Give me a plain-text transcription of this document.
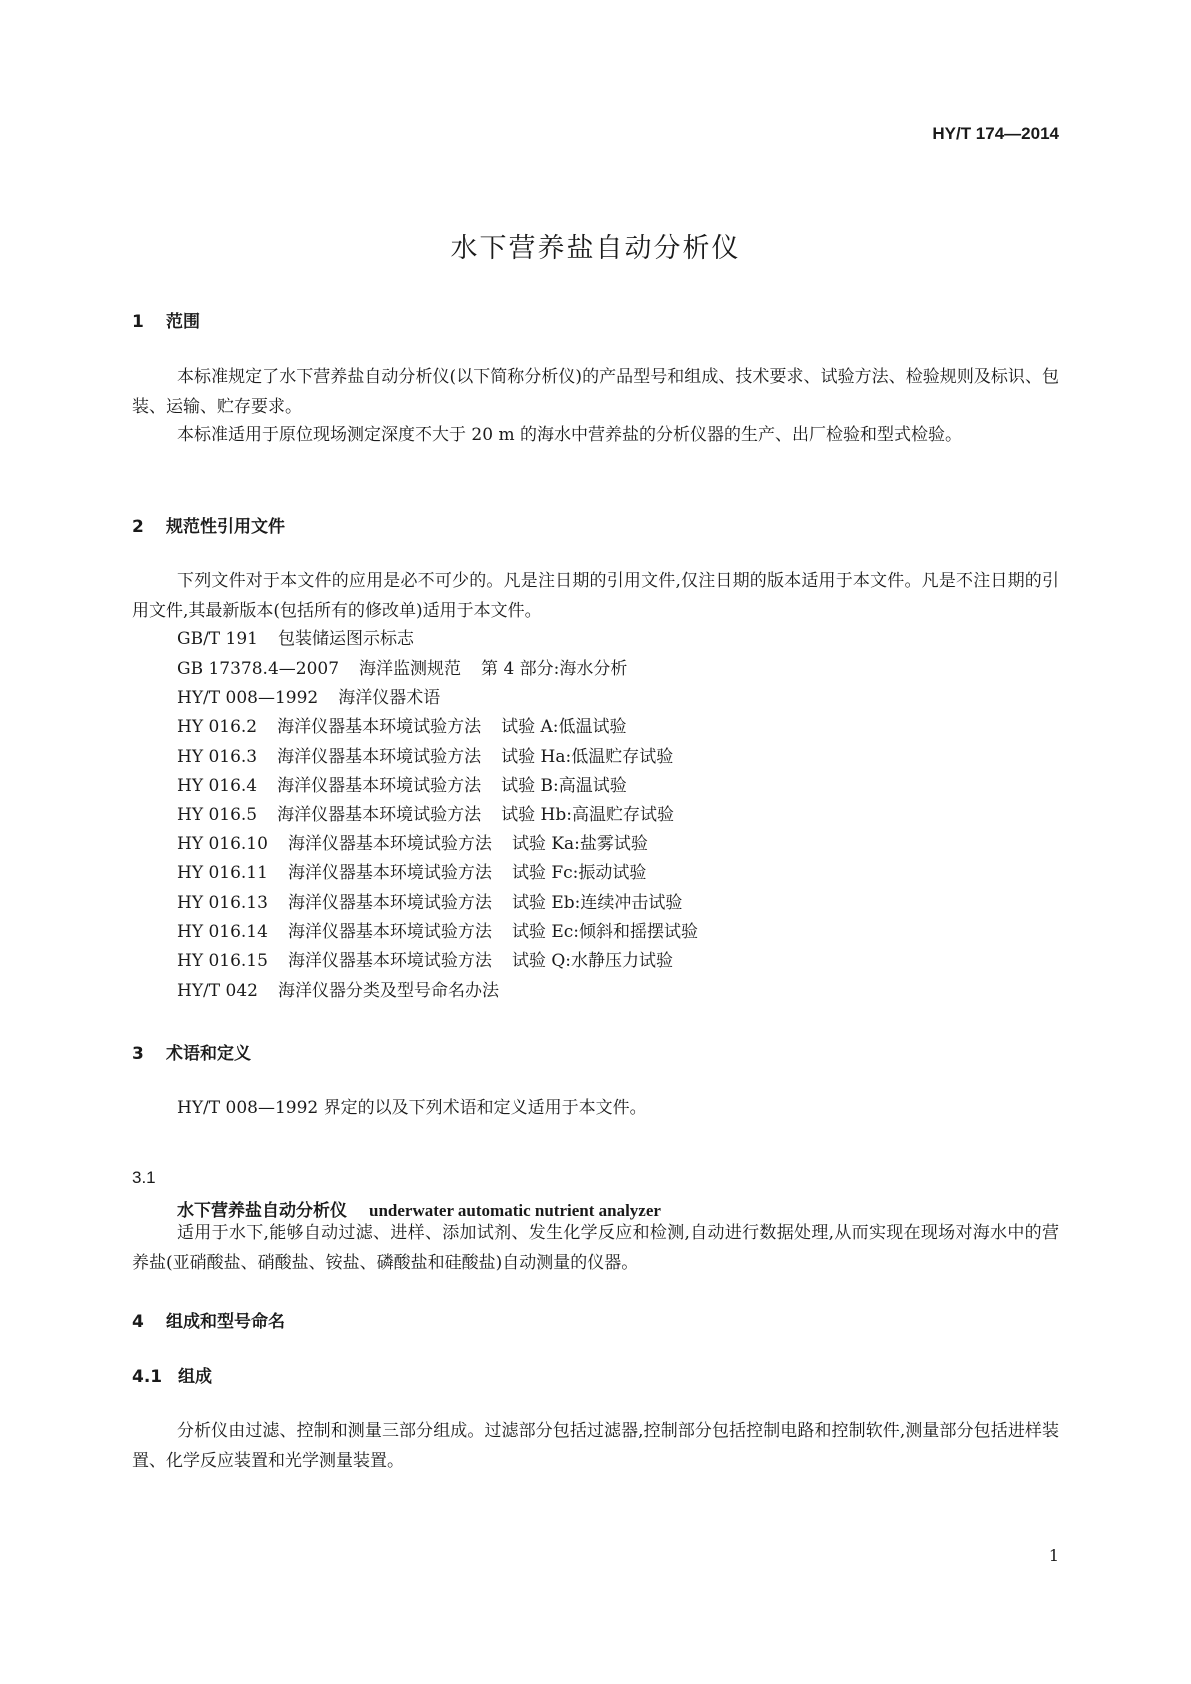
HY/T 174—2014
水下营养盐自动分析仪
1 范围
本标准规定了水下营养盐自动分析仪(以下简称分析仪)的产品型号和组成、技术要求、试验方法、检验规则及标识、包装、运输、贮存要求。
本标准适用于原位现场测定深度不大于 20 m 的海水中营养盐的分析仪器的生产、出厂检验和型式检验。
2 规范性引用文件
下列文件对于本文件的应用是必不可少的。凡是注日期的引用文件,仅注日期的版本适用于本文件。凡是不注日期的引用文件,其最新版本(包括所有的修改单)适用于本文件。
GB/T 191 包装储运图示标志
GB 17378.4—2007 海洋监测规范 第 4 部分:海水分析
HY/T 008—1992 海洋仪器术语
HY 016.2 海洋仪器基本环境试验方法 试验 A:低温试验
HY 016.3 海洋仪器基本环境试验方法 试验 Ha:低温贮存试验
HY 016.4 海洋仪器基本环境试验方法 试验 B:高温试验
HY 016.5 海洋仪器基本环境试验方法 试验 Hb:高温贮存试验
HY 016.10 海洋仪器基本环境试验方法 试验 Ka:盐雾试验
HY 016.11 海洋仪器基本环境试验方法 试验 Fc:振动试验
HY 016.13 海洋仪器基本环境试验方法 试验 Eb:连续冲击试验
HY 016.14 海洋仪器基本环境试验方法 试验 Ec:倾斜和摇摆试验
HY 016.15 海洋仪器基本环境试验方法 试验 Q:水静压力试验
HY/T 042 海洋仪器分类及型号命名办法
3 术语和定义
HY/T 008—1992 界定的以及下列术语和定义适用于本文件。
3.1
水下营养盐自动分析仪 underwater automatic nutrient analyzer
适用于水下,能够自动过滤、进样、添加试剂、发生化学反应和检测,自动进行数据处理,从而实现在现场对海水中的营养盐(亚硝酸盐、硝酸盐、铵盐、磷酸盐和硅酸盐)自动测量的仪器。
4 组成和型号命名
4.1 组成
分析仪由过滤、控制和测量三部分组成。过滤部分包括过滤器,控制部分包括控制电路和控制软件,测量部分包括进样装置、化学反应装置和光学测量装置。
1
